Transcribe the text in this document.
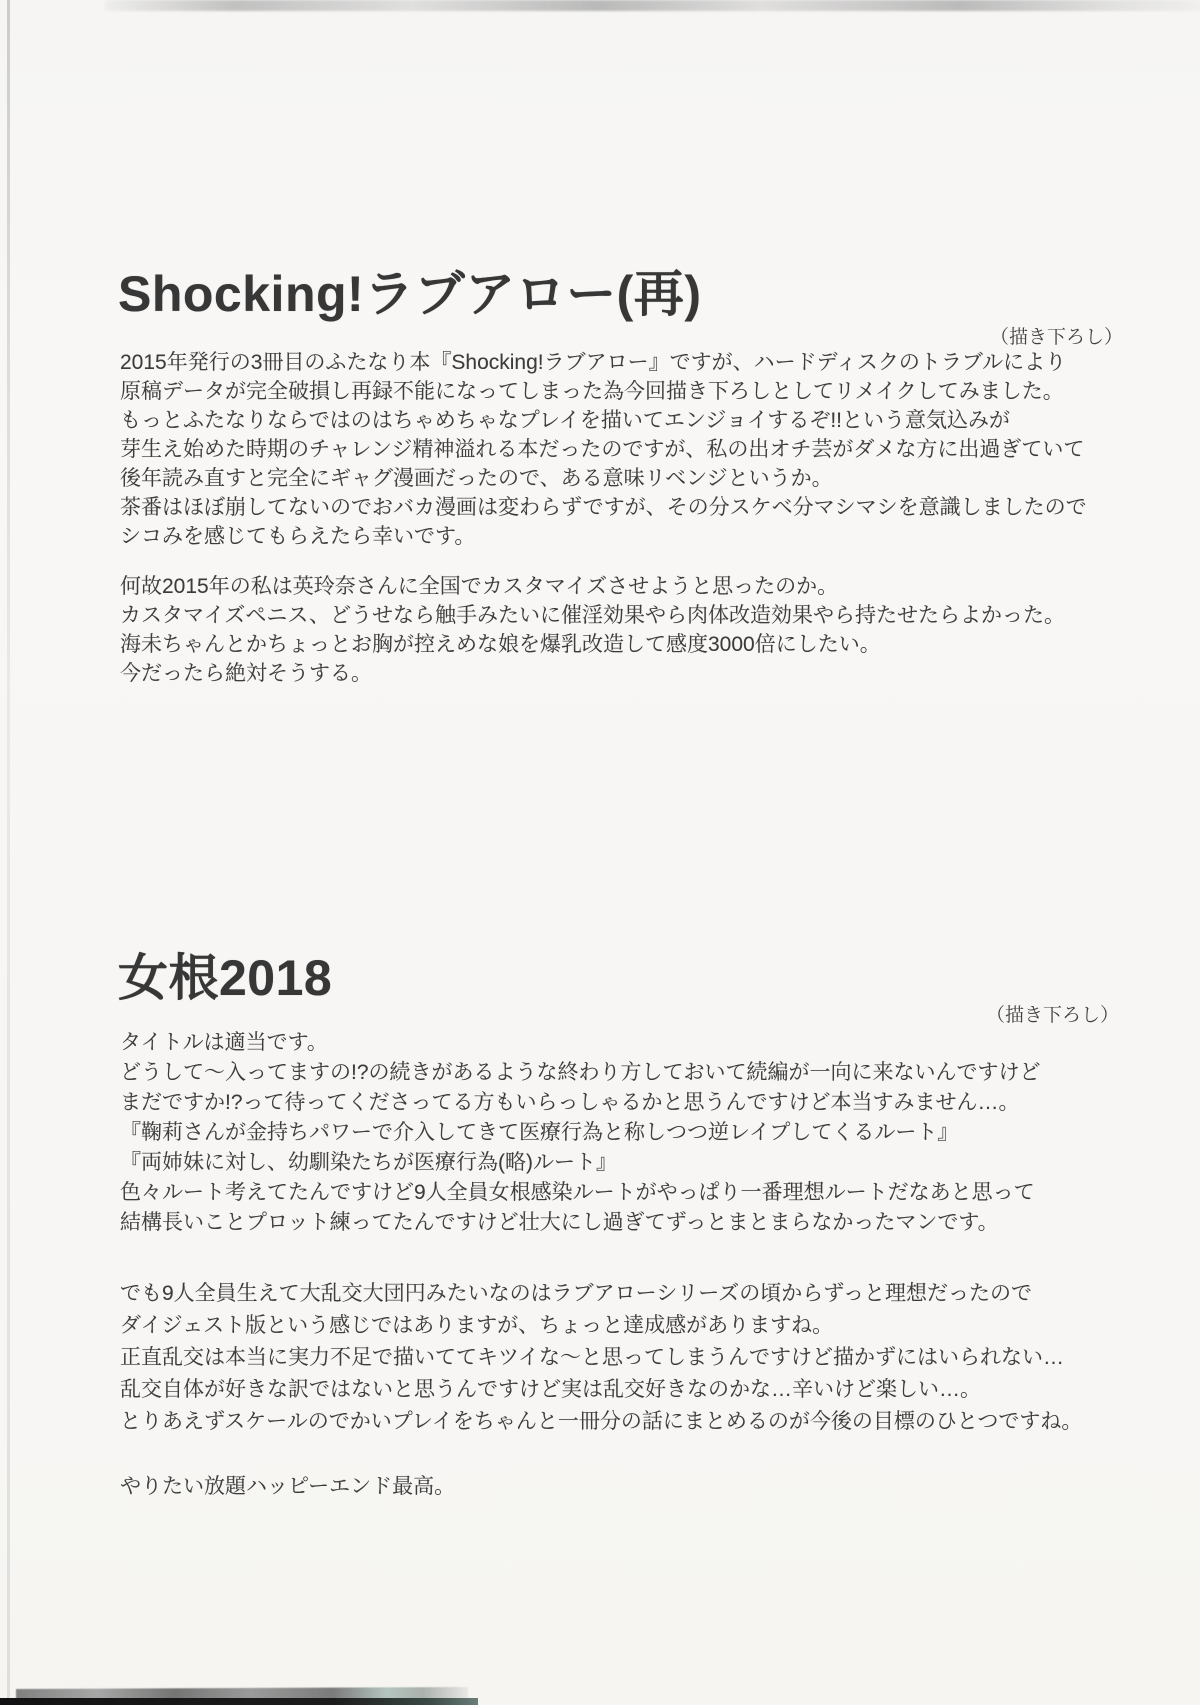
Shocking!ラブアロー(再)
（描き下ろし）
2015年発行の3冊目のふたなり本『Shocking!ラブアロー』ですが、ハードディスクのトラブルにより
原稿データが完全破損し再録不能になってしまった為今回描き下ろしとしてリメイクしてみました。
もっとふたなりならではのはちゃめちゃなプレイを描いてエンジョイするぞ!!という意気込みが
芽生え始めた時期のチャレンジ精神溢れる本だったのですが、私の出オチ芸がダメな方に出過ぎていて
後年読み直すと完全にギャグ漫画だったので、ある意味リベンジというか。
茶番はほぼ崩してないのでおバカ漫画は変わらずですが、その分スケベ分マシマシを意識しましたので
シコみを感じてもらえたら幸いです。
何故2015年の私は英玲奈さんに全国でカスタマイズさせようと思ったのか。
カスタマイズペニス、どうせなら触手みたいに催淫効果やら肉体改造効果やら持たせたらよかった。
海未ちゃんとかちょっとお胸が控えめな娘を爆乳改造して感度3000倍にしたい。
今だったら絶対そうする。
女根2018
（描き下ろし）
タイトルは適当です。
どうして〜入ってますの!?の続きがあるような終わり方しておいて続編が一向に来ないんですけど
まだですか!?って待ってくださってる方もいらっしゃるかと思うんですけど本当すみません…。
『鞠莉さんが金持ちパワーで介入してきて医療行為と称しつつ逆レイプしてくるルート』
『両姉妹に対し、幼馴染たちが医療行為(略)ルート』
色々ルート考えてたんですけど9人全員女根感染ルートがやっぱり一番理想ルートだなあと思って
結構長いことプロット練ってたんですけど壮大にし過ぎてずっとまとまらなかったマンです。
でも9人全員生えて大乱交大団円みたいなのはラブアローシリーズの頃からずっと理想だったので
ダイジェスト版という感じではありますが、ちょっと達成感がありますね。
正直乱交は本当に実力不足で描いててキツイな〜と思ってしまうんですけど描かずにはいられない…
乱交自体が好きな訳ではないと思うんですけど実は乱交好きなのかな…辛いけど楽しい…。
とりあえずスケールのでかいプレイをちゃんと一冊分の話にまとめるのが今後の目標のひとつですね。
やりたい放題ハッピーエンド最高。
